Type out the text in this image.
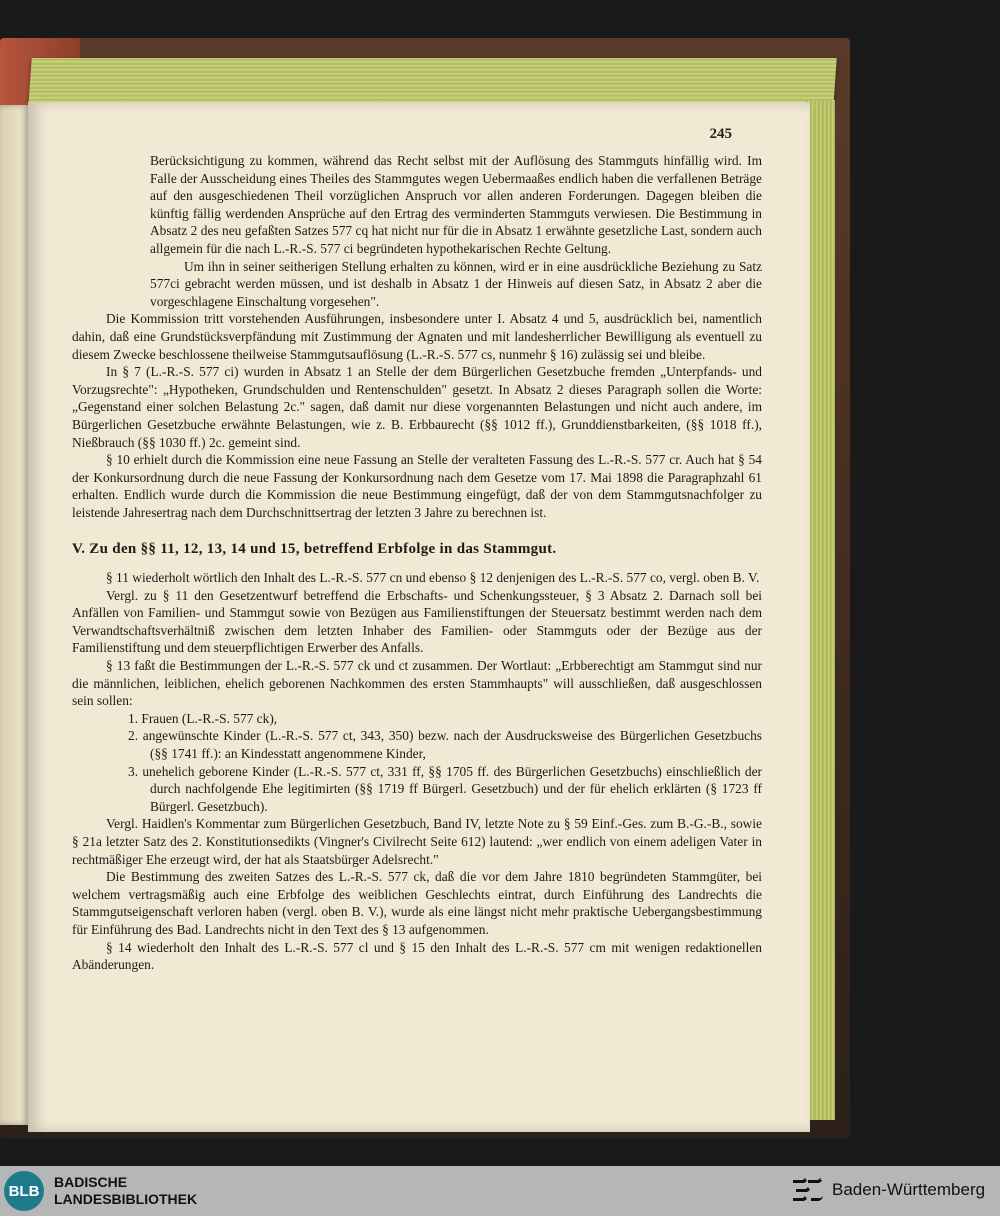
245

Berücksichtigung zu kommen, während das Recht selbst mit der Auflösung des Stammguts hinfällig wird. Im Falle der Ausscheidung eines Theiles des Stammgutes wegen Uebermaaßes endlich haben die verfallenen Beträge auf den ausgeschiedenen Theil vorzüglichen Anspruch vor allen anderen Forderungen. Dagegen bleiben die künftig fällig werdenden Ansprüche auf den Ertrag des verminderten Stammguts verwiesen. Die Bestimmung in Absatz 2 des neu gefaßten Satzes 577 cq hat nicht nur für die in Absatz 1 erwähnte gesetzliche Last, sondern auch allgemein für die nach L.-R.-S. 577 ci begründeten hypothekarischen Rechte Geltung.

Um ihn in seiner seitherigen Stellung erhalten zu können, wird er in eine ausdrückliche Beziehung zu Satz 577ci gebracht werden müssen, und ist deshalb in Absatz 1 der Hinweis auf diesen Satz, in Absatz 2 aber die vorgeschlagene Einschaltung vorgesehen".

Die Kommission tritt vorstehenden Ausführungen, insbesondere unter I. Absatz 4 und 5, ausdrücklich bei, namentlich dahin, daß eine Grundstücksverpfändung mit Zustimmung der Agnaten und mit landesherrlicher Bewilligung als eventuell zu diesem Zwecke beschlossene theilweise Stammgutsauflösung (L.-R.-S. 577 cs, nunmehr § 16) zulässig sei und bleibe.

In § 7 (L.-R.-S. 577 ci) wurden in Absatz 1 an Stelle der dem Bürgerlichen Gesetzbuche fremden „Unterpfands- und Vorzugsrechte": „Hypotheken, Grundschulden und Rentenschulden" gesetzt. In Absatz 2 dieses Paragraph sollen die Worte: „Gegenstand einer solchen Belastung 2c." sagen, daß damit nur diese vorgenannten Belastungen und nicht auch andere, im Bürgerlichen Gesetzbuche erwähnte Belastungen, wie z. B. Erbbaurecht (§§ 1012 ff.), Grunddienstbarkeiten, (§§ 1018 ff.), Nießbrauch (§§ 1030 ff.) 2c. gemeint sind.

§ 10 erhielt durch die Kommission eine neue Fassung an Stelle der veralteten Fassung des L.-R.-S. 577 cr. Auch hat § 54 der Konkursordnung durch die neue Fassung der Konkursordnung nach dem Gesetze vom 17. Mai 1898 die Paragraphzahl 61 erhalten. Endlich wurde durch die Kommission die neue Bestimmung eingefügt, daß der von dem Stammgutsnachfolger zu leistende Jahresertrag nach dem Durchschnittsertrag der letzten 3 Jahre zu berechnen ist.

V. Zu den §§ 11, 12, 13, 14 und 15, betreffend Erbfolge in das Stammgut.

§ 11 wiederholt wörtlich den Inhalt des L.-R.-S. 577 cn und ebenso § 12 denjenigen des L.-R.-S. 577 co, vergl. oben B. V.

Vergl. zu § 11 den Gesetzentwurf betreffend die Erbschafts- und Schenkungssteuer, § 3 Absatz 2. Darnach soll bei Anfällen von Familien- und Stammgut sowie von Bezügen aus Familienstiftungen der Steuersatz bestimmt werden nach dem Verwandtschaftsverhältniß zwischen dem letzten Inhaber des Familien- oder Stammguts oder der Bezüge aus der Familienstiftung und dem steuerpflichtigen Erwerber des Anfalls.

§ 13 faßt die Bestimmungen der L.-R.-S. 577 ck und ct zusammen. Der Wortlaut: „Erbberechtigt am Stammgut sind nur die männlichen, leiblichen, ehelich geborenen Nachkommen des ersten Stammhaupts" will ausschließen, daß ausgeschlossen sein sollen:

1. Frauen (L.-R.-S. 577 ck),

2. angewünschte Kinder (L.-R.-S. 577 ct, 343, 350) bezw. nach der Ausdrucksweise des Bürgerlichen Gesetzbuchs (§§ 1741 ff.): an Kindesstatt angenommene Kinder,

3. unehelich geborene Kinder (L.-R.-S. 577 ct, 331 ff, §§ 1705 ff. des Bürgerlichen Gesetzbuchs) einschließlich der durch nachfolgende Ehe legitimirten (§§ 1719 ff Bürgerl. Gesetzbuch) und der für ehelich erklärten (§ 1723 ff Bürgerl. Gesetzbuch).

Vergl. Haidlen's Kommentar zum Bürgerlichen Gesetzbuch, Band IV, letzte Note zu § 59 Einf.-Ges. zum B.-G.-B., sowie § 21a letzter Satz des 2. Konstitutionsedikts (Vingner's Civilrecht Seite 612) lautend: „wer endlich von einem adeligen Vater in rechtmäßiger Ehe erzeugt wird, der hat als Staatsbürger Adelsrecht."

Die Bestimmung des zweiten Satzes des L.-R.-S. 577 ck, daß die vor dem Jahre 1810 begründeten Stammgüter, bei welchem vertragsmäßig auch eine Erbfolge des weiblichen Geschlechts eintrat, durch Einführung des Landrechts die Stammgutseigenschaft verloren haben (vergl. oben B. V.), wurde als eine längst nicht mehr praktische Uebergangsbestimmung für Einführung des Bad. Landrechts nicht in den Text des § 13 aufgenommen.

§ 14 wiederholt den Inhalt des L.-R.-S. 577 cl und § 15 den Inhalt des L.-R.-S. 577 cm mit wenigen redaktionellen Abänderungen.

BLB
BADISCHE
LANDESBIBLIOTHEK	Baden-Württemberg
